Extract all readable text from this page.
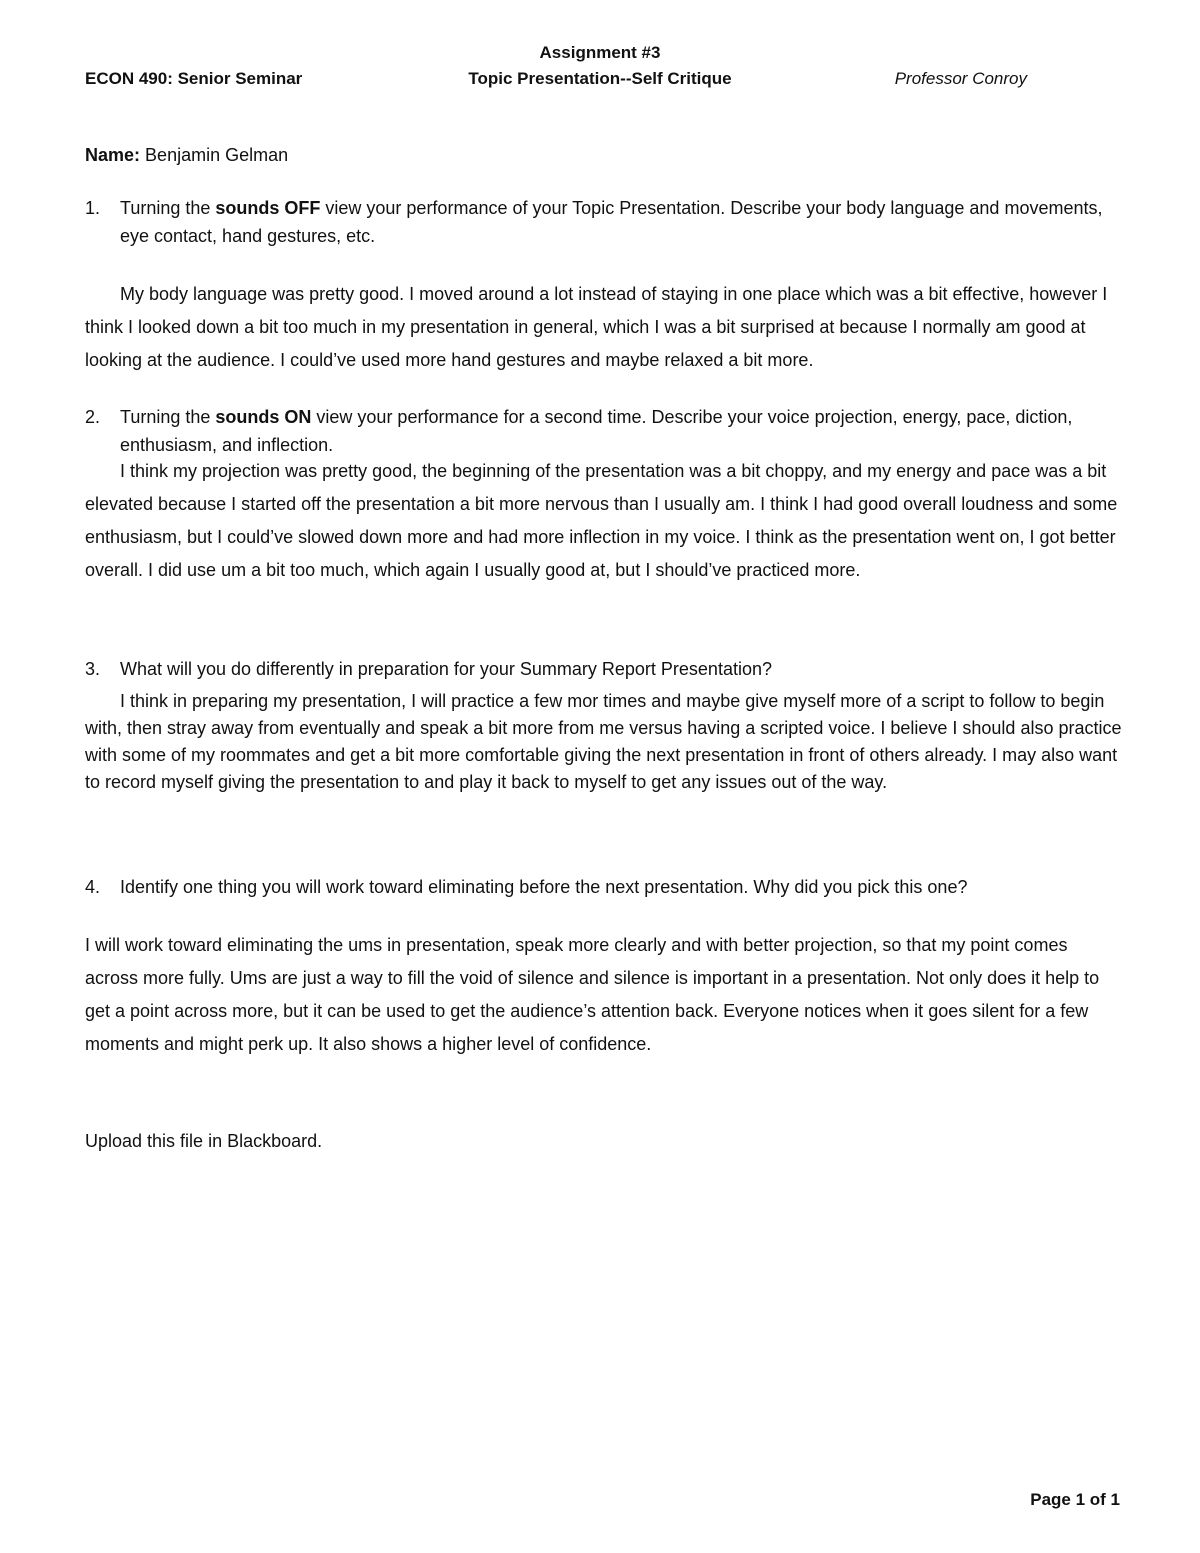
Assignment #3
ECON 490: Senior Seminar	Topic Presentation--Self Critique	Professor Conroy
Name: Benjamin Gelman
1. Turning the sounds OFF view your performance of your Topic Presentation. Describe your body language and movements, eye contact, hand gestures, etc.
My body language was pretty good. I moved around a lot instead of staying in one place which was a bit effective, however I think I looked down a bit too much in my presentation in general, which I was a bit surprised at because I normally am good at looking at the audience. I could’ve used more hand gestures and maybe relaxed a bit more.
2. Turning the sounds ON view your performance for a second time. Describe your voice projection, energy, pace, diction, enthusiasm, and inflection.
I think my projection was pretty good, the beginning of the presentation was a bit choppy, and my energy and pace was a bit elevated because I started off the presentation a bit more nervous than I usually am. I think I had good overall loudness and some enthusiasm, but I could’ve slowed down more and had more inflection in my voice. I think as the presentation went on, I got better overall. I did use um a bit too much, which again I usually good at, but I should’ve practiced more.
3. What will you do differently in preparation for your Summary Report Presentation?
I think in preparing my presentation, I will practice a few mor times and maybe give myself more of a script to follow to begin with, then stray away from eventually and speak a bit more from me versus having a scripted voice. I believe I should also practice with some of my roommates and get a bit more comfortable giving the next presentation in front of others already. I may also want to record myself giving the presentation to and play it back to myself to get any issues out of the way.
4. Identify one thing you will work toward eliminating before the next presentation. Why did you pick this one?
I will work toward eliminating the ums in presentation, speak more clearly and with better projection, so that my point comes across more fully. Ums are just a way to fill the void of silence and silence is important in a presentation. Not only does it help to get a point across more, but it can be used to get the audience’s attention back. Everyone notices when it goes silent for a few moments and might perk up. It also shows a higher level of confidence.
Upload this file in Blackboard.
Page 1 of 1
